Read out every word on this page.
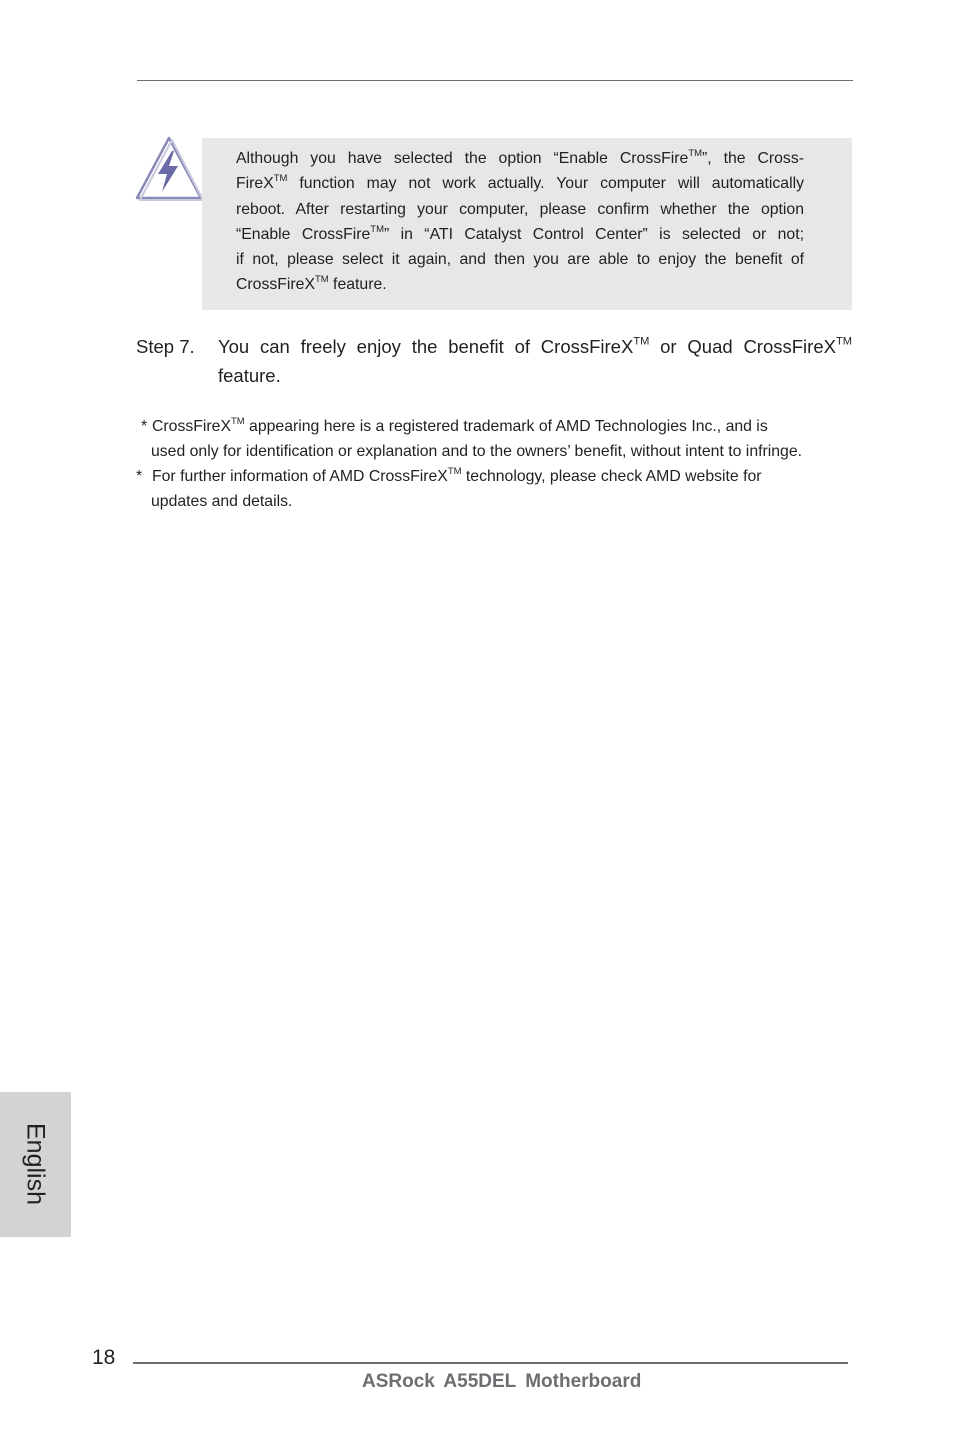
Although you have selected the option “Enable CrossFire™”, the Cross-
FireX™ function may not work actually. Your computer will automatically
reboot. After restarting your computer, please confirm whether the option
“Enable CrossFire™” in “ATI Catalyst Control Center” is selected or not;
if not, please select it again, and then you are able to enjoy the benefit of
CrossFireX™ feature.

Step 7. You can freely enjoy the benefit of CrossFireX™ or Quad CrossFireX™
feature.
* CrossFireX™ appearing here is a registered trademark of AMD Technologies Inc., and is
used only for identification or explanation and to the owners’ benefit, without intent to infringe.
* For further information of AMD CrossFireX™ technology, please check AMD website for
updates and details.
English
18
ASRock A55DEL Motherboard
